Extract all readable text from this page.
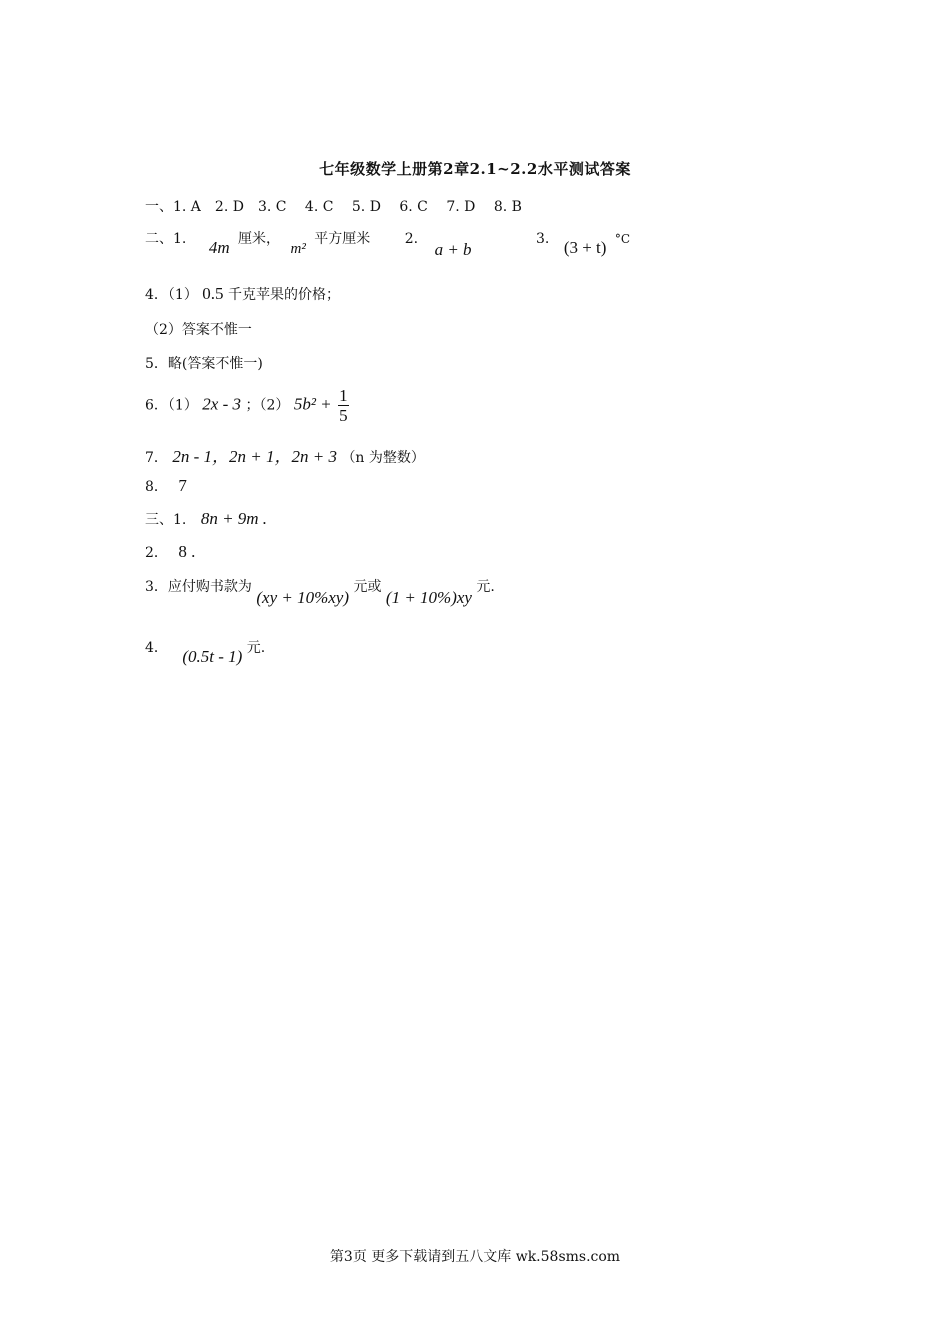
七年级数学上册第2章2.1~2.2水平测试答案
一、1. A　2. D　3. C　 4. C　 5. D　 6. C　 7. D　 8. B
二、1. 4m 厘米， m² 平方厘米 2. a + b 3. (3 + t) °C
4．（1） 0.5 千克苹果的价格；
（2）答案不惟一
5．略(答案不惟一)
6．（1） 2x - 3 ；（2） $5b^2 + \frac{1}{5}$
7． 2n - 1，2n + 1，2n + 3 （n 为整数）
8． 7
三、1. 8n + 9m .
2． 8 .
3．应付购书款为 (xy + 10%xy) 元或 (1 + 10%)xy 元.
4． (0.5t - 1) 元.
第3页 更多下载请到五八文库 wk.58sms.com
